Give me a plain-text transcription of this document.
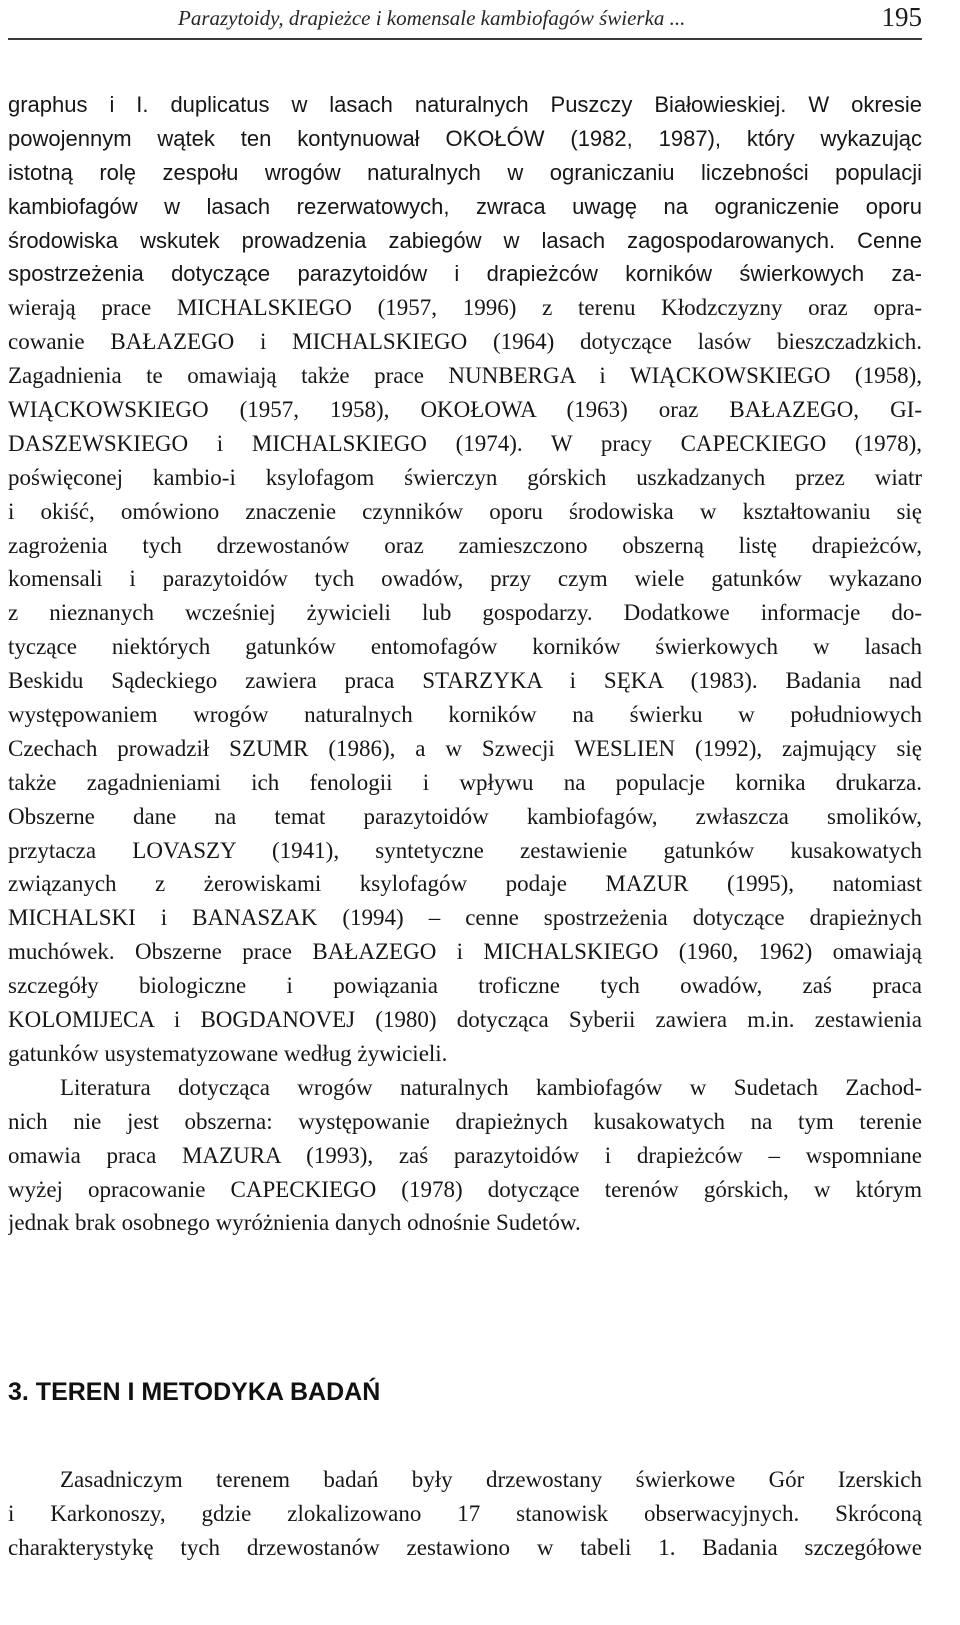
Parazytoidy, drapieżce i komensale kambiofagów świerka ...	195
graphus i I. duplicatus w lasach naturalnych Puszczy Białowieskiej. W okresie
powojennym wątek ten kontynuował OKOŁÓW (1982, 1987), który wykazując
istotną rolę zespołu wrogów naturalnych w ograniczaniu liczebności populacji
kambiofagów w lasach rezerwatowych, zwraca uwagę na ograniczenie oporu
środowiska wskutek prowadzenia zabiegów w lasach zagospodarowanych. Cenne
spostrzeżenia dotyczące parazytoidów i drapieżców korników świerkowych za-
wierają prace MICHALSKIEGO (1957, 1996) z terenu Kłodzczyzny oraz opra-
cowanie BAŁAZEGO i MICHALSKIEGO (1964) dotyczące lasów bieszczadzkich.
Zagadnienia te omawiają także prace NUNBERGA i WIĄCKOWSKIEGO (1958),
WIĄCKOWSKIEGO (1957, 1958), OKOŁOWA (1963) oraz BAŁAZEGO, GI-
DASZEWSKIEGO i MICHALSKIEGO (1974). W pracy CAPECKIEGO (1978),
poświęconej kambio-i ksylofagom świerczyn górskich uszkadzanych przez wiatr
i okiść, omówiono znaczenie czynników oporu środowiska w kształtowaniu się
zagrożenia tych drzewostanów oraz zamieszczono obszerną listę drapieżców,
komensali i parazytoidów tych owadów, przy czym wiele gatunków wykazano
z nieznanych wcześniej żywicieli lub gospodarzy. Dodatkowe informacje do-
tyczące niektórych gatunków entomofagów korników świerkowych w lasach
Beskidu Sądeckiego zawiera praca STARZYKA i SĘKA (1983). Badania nad
występowaniem wrogów naturalnych korników na świerku w południowych
Czechach prowadził SZUMR (1986), a w Szwecji WESLIEN (1992), zajmujący się
także zagadnieniami ich fenologii i wpływu na populacje kornika drukarza.
Obszerne dane na temat parazytoidów kambiofagów, zwłaszcza smolików,
przytacza LOVASZY (1941), syntetyczne zestawienie gatunków kusakowatych
związanych z żerowiskami ksylofagów podaje MAZUR (1995), natomiast
MICHALSKI i BANASZAK (1994) – cenne spostrzeżenia dotyczące drapieżnych
muchówek. Obszerne prace BAŁAZEGO i MICHALSKIEGO (1960, 1962) omawiają
szczegóły biologiczne i powiązania troficzne tych owadów, zaś praca
KOLOMIJECA i BOGDANOVEJ (1980) dotycząca Syberii zawiera m.in. zestawienia
gatunków usystematyzowane według żywicieli.
Literatura dotycząca wrogów naturalnych kambiofagów w Sudetach Zachod-
nich nie jest obszerna: występowanie drapieżnych kusakowatych na tym terenie
omawia praca MAZURA (1993), zaś parazytoidów i drapieżców – wspomniane
wyżej opracowanie CAPECKIEGO (1978) dotyczące terenów górskich, w którym
jednak brak osobnego wyróżnienia danych odnośnie Sudetów.
3. TEREN I METODYKA BADAŃ
Zasadniczym terenem badań były drzewostany świerkowe Gór Izerskich
i Karkonoszy, gdzie zlokalizowano 17 stanowisk obserwacyjnych. Skróconą
charakterystykę tych drzewostanów zestawiono w tabeli 1. Badania szczegółowe
